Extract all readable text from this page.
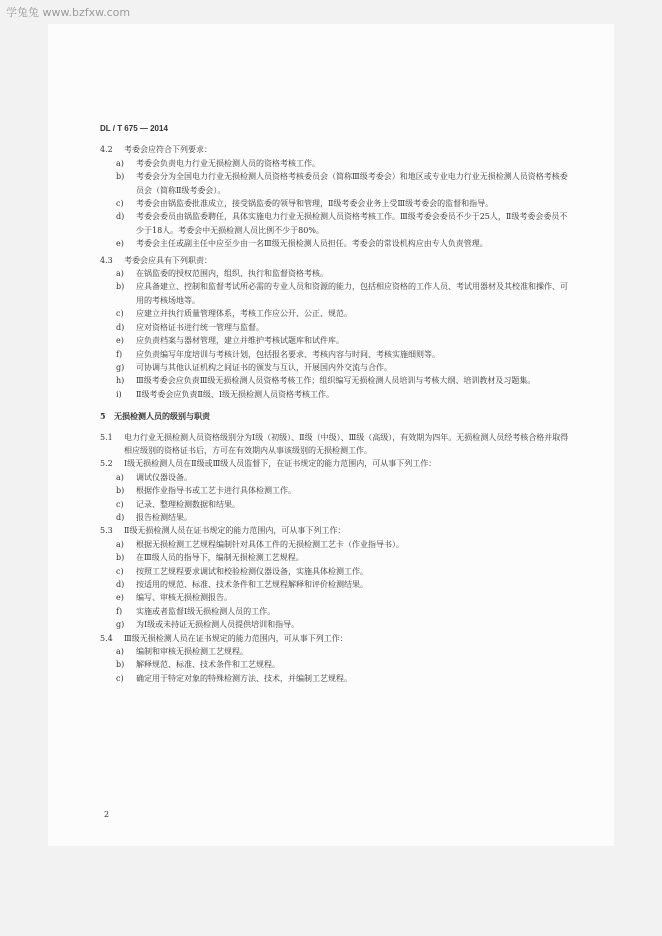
学兔兔 www.bzfxw.com
DL / T 675 — 2014
4.2 考委会应符合下列要求：
a) 考委会负责电力行业无损检测人员的资格考核工作。
b) 考委会分为全国电力行业无损检测人员资格考核委员会（简称Ⅲ级考委会）和地区或专业电力行业无损检测人员资格考核委员会（简称Ⅱ级考委会）。
c) 考委会由锅监委批准成立，接受锅监委的领导和管理，Ⅱ级考委会业务上受Ⅲ级考委会的监督和指导。
d) 考委会委员由锅监委聘任，具体实施电力行业无损检测人员资格考核工作。Ⅲ级考委会委员不少于25人，Ⅱ级考委会委员不少于18人。考委会中无损检测人员比例不少于80%。
e) 考委会主任或副主任中应至少由一名Ⅲ级无损检测人员担任。考委会的常设机构应由专人负责管理。
4.3 考委会应具有下列职责：
a) 在锅监委的授权范围内，组织、执行和监督资格考核。
b) 应具备建立、控制和监督考试所必需的专业人员和资源的能力，包括相应资格的工作人员、考试用器材及其校准和操作、可用的考核场地等。
c) 应建立并执行质量管理体系，考核工作应公开、公正、规范。
d) 应对资格证书进行统一管理与监督。
e) 应负责档案与器材管理，建立并维护考核试题库和试件库。
f) 应负责编写年度培训与考核计划，包括报名要求、考核内容与时间、考核实施细则等。
g) 可协调与其他认证机构之间证书的颁发与互认，开展国内外交流与合作。
h) Ⅲ级考委会应负责Ⅲ级无损检测人员资格考核工作；组织编写无损检测人员培训与考核大纲、培训教材及习题集。
i) Ⅱ级考委会应负责Ⅱ级、Ⅰ级无损检测人员资格考核工作。
5 无损检测人员的级别与职责
5.1 电力行业无损检测人员资格级别分为Ⅰ级（初级）、Ⅱ级（中级）、Ⅲ级（高级），有效期为四年。无损检测人员经考核合格并取得相应级别的资格证书后，方可在有效期内从事该级别的无损检测工作。
5.2 Ⅰ级无损检测人员在Ⅱ级或Ⅲ级人员监督下，在证书规定的能力范围内，可从事下列工作：
a) 调试仪器设备。
b) 根据作业指导书或工艺卡进行具体检测工作。
c) 记录、整理检测数据和结果。
d) 报告检测结果。
5.3 Ⅱ级无损检测人员在证书规定的能力范围内，可从事下列工作：
a) 根据无损检测工艺规程编制针对具体工件的无损检测工艺卡（作业指导书）。
b) 在Ⅲ级人员的指导下，编制无损检测工艺规程。
c) 按照工艺规程要求调试和校验检测仪器设备，实施具体检测工作。
d) 按适用的规范、标准、技术条件和工艺规程解释和评价检测结果。
e) 编写、审核无损检测报告。
f) 实施或者监督Ⅰ级无损检测人员的工作。
g) 为Ⅰ级或未持证无损检测人员提供培训和指导。
5.4 Ⅲ级无损检测人员在证书规定的能力范围内，可从事下列工作：
a) 编制和审核无损检测工艺规程。
b) 解释规范、标准、技术条件和工艺规程。
c) 确定用于特定对象的特殊检测方法、技术，并编制工艺规程。
2
